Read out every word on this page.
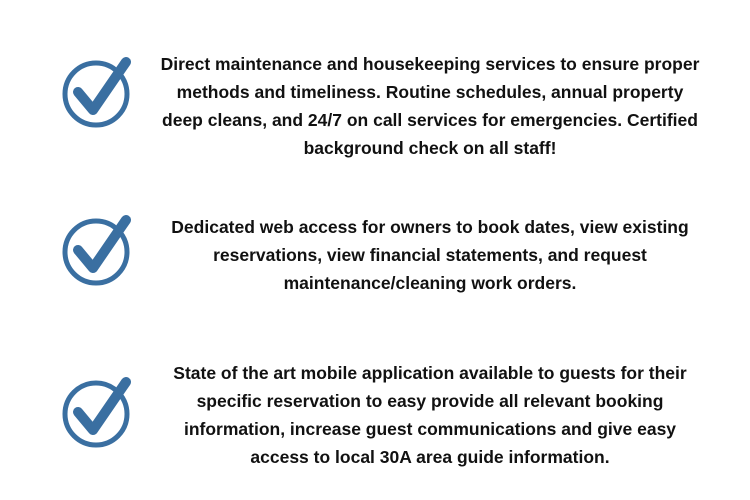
Direct maintenance and housekeeping services to ensure proper methods and timeliness. Routine schedules, annual property deep cleans, and 24/7 on call services for emergencies. Certified background check on all staff!
Dedicated web access for owners to book dates, view existing reservations, view financial statements, and request maintenance/cleaning work orders.
State of the art mobile application available to guests for their specific reservation to easy provide all relevant booking information, increase guest communications and give easy access to local 30A area guide information.
